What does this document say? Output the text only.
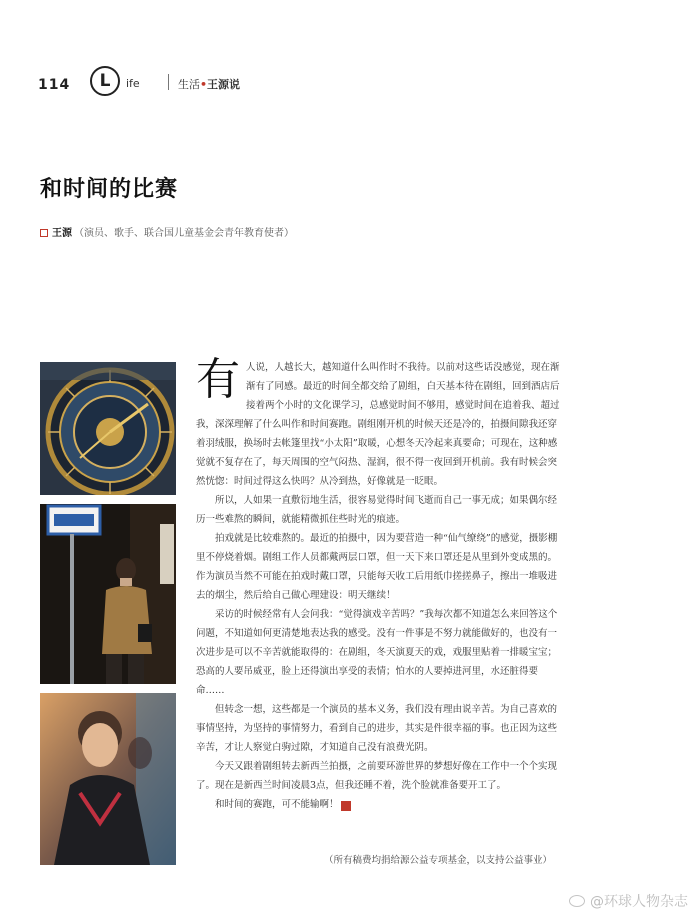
114	L	ife	生活•王源说
和时间的比赛
王源 （演员、歌手、联合国儿童基金会青年教育使者）

有人说，人越长大，越知道什么叫作时不我待。以前对这些话没感觉，现在渐渐有了同感。最近的时间全都交给了剧组，白天基本待在剧组，回到酒店后接着两个小时的文化课学习，总感觉时间不够用，感觉时间在追着我、超过我，深深理解了什么叫作和时间赛跑。剧组刚开机的时候天还是冷的，拍摄间隙我还穿着羽绒服，换场时去帐篷里找“小太阳”取暖，心想冬天冷起来真要命；可现在，这种感觉就不复存在了，每天周围的空气闷热、湿润，很不得一夜回到开机前。我有时候会突然恍惚：时间过得这么快吗？从冷到热，好像就是一眨眼。

所以，人如果一直敷衍地生活，很容易觉得时间飞逝而自己一事无成；如果偶尔经历一些难熬的瞬间，就能精微抓住些时光的痕迹。

拍戏就是比较难熬的。最近的拍摄中，因为要营造一种“仙气缭绕”的感觉，摄影棚里不停烧着烟。剧组工作人员都戴两层口罩，但一天下来口罩还是从里到外变成黑的。作为演员当然不可能在拍戏时戴口罩，只能每天收工后用纸巾搓搓鼻子，擦出一堆吸进去的烟尘，然后给自己做心理建设：明天继续！

采访的时候经常有人会问我：“觉得演戏辛苦吗？”我每次都不知道怎么来回答这个问题，不知道如何更清楚地表达我的感受。没有一件事是不努力就能做好的，也没有一次进步是可以不辛苦就能取得的：在剧组，冬天演夏天的戏，戏服里贴着一排暖宝宝；恐高的人要吊威亚，脸上还得演出享受的表情；怕水的人要掉进河里，水还脏得要命……

但转念一想，这些都是一个演员的基本义务，我们没有理由说辛苦。为自己喜欢的事情坚持，为坚持的事情努力，看到自己的进步，其实是件很幸福的事。也正因为这些辛苦，才让人察觉白驹过隙，才知道自己没有浪费光阴。

今天又跟着剧组转去新西兰拍摄，之前要环游世界的梦想好像在工作中一个个实现了。现在是新西兰时间凌晨3点，但我还睡不着，洗个脸就准备要开工了。

和时间的赛跑，可不能输啊！	G

（所有稿费均捐给源公益专项基金，以支持公益事业）
@环球人物杂志
